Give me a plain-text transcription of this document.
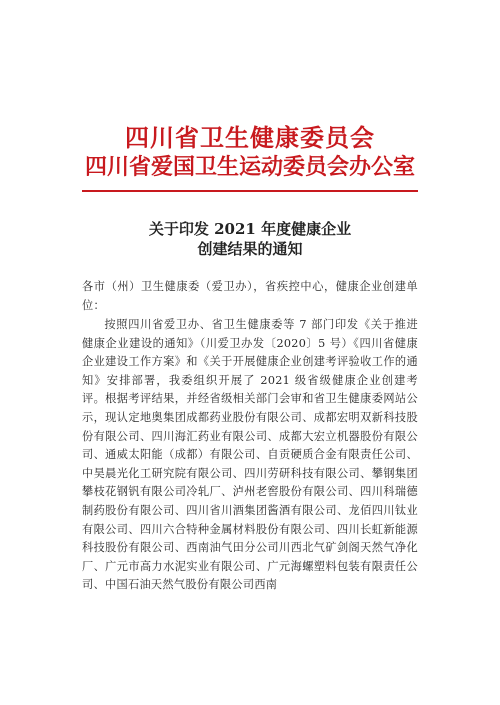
四川省卫生健康委员会
四川省爱国卫生运动委员会办公室
关于印发 2021 年度健康企业
创建结果的通知

各市（州）卫生健康委（爱卫办），省疾控中心，健康企业创建单位：

按照四川省爱卫办、省卫生健康委等 7 部门印发《关于推进健康企业建设的通知》（川爱卫办发〔2020〕5 号）《四川省健康企业建设工作方案》和《关于开展健康企业创建考评验收工作的通知》安排部署，我委组织开展了 2021 级省级健康企业创建考评。根据考评结果，并经省级相关部门会审和省卫生健康委网站公示，现认定地奥集团成都药业股份有限公司、成都宏明双新科技股份有限公司、四川海汇药业有限公司、成都大宏立机器股份有限公司、通威太阳能（成都）有限公司、自贡硬质合金有限责任公司、中昊晨光化工研究院有限公司、四川劳研科技有限公司、攀钢集团攀枝花钢钒有限公司冷轧厂、泸州老窖股份有限公司、四川科瑞德制药股份有限公司、四川省川酒集团酱酒有限公司、龙佰四川钛业有限公司、四川六合特种金属材料股份有限公司、四川长虹新能源科技股份有限公司、西南油气田分公司川西北气矿剑阁天然气净化厂、广元市高力水泥实业有限公司、广元海螺塑料包装有限责任公司、中国石油天然气股份有限公司西南
